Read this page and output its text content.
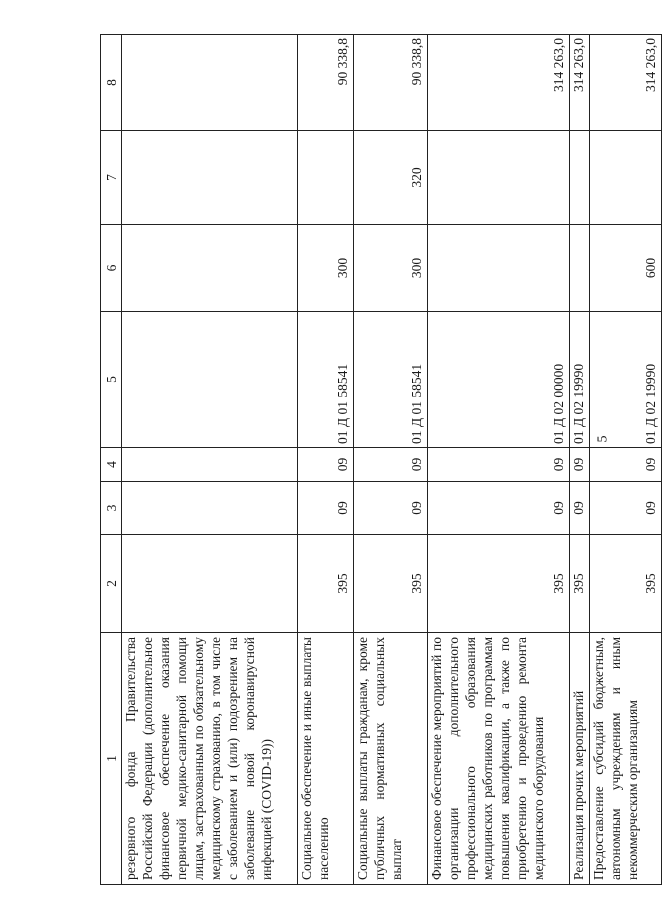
5
1	2	3	4	5	6	7	8
резервного фонда Правительства Российской Федерации (дополнительное финансовое обеспечение оказания первичной медико-санитарной помощи лицам, застрахованным по обязательному медицинскому страхованию, в том числе с заболеванием и (или) подозрением на заболевание новой коронавирусной инфекцией (COVID-19))							
Социальное обеспечение и иные выплаты населению	395	09	09	01 Д 01 58541	300		90 338,8
Социальные выплаты гражданам, кроме публичных нормативных социальных выплат	395	09	09	01 Д 01 58541	300	320	90 338,8
Финансовое обеспечение мероприятий по организации дополнительного профессионального образования медицинских работников по программам повышения квалификации, а также по приобретению и проведению ремонта медицинского оборудования	395	09	09	01 Д 02 00000			314 263,0
Реализация прочих мероприятий	395	09	09	01 Д 02 19990			314 263,0
Предоставление субсидий бюджетным, автономным учреждениям и иным некоммерческим организациям	395	09	09	01 Д 02 19990	600		314 263,0
